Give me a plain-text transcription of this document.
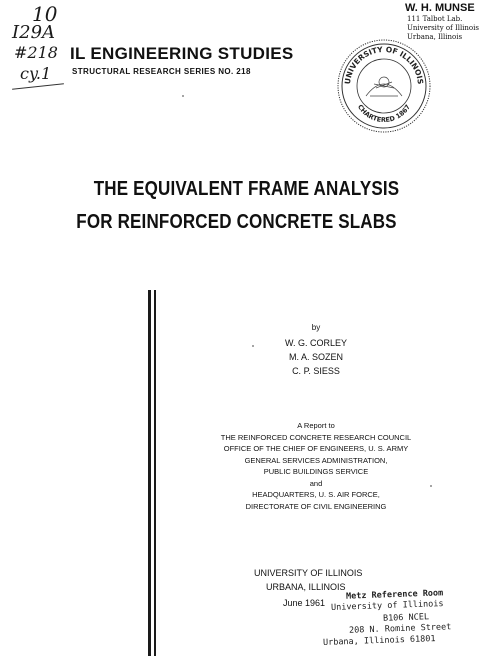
10
I29A
#218
cy.1
IL ENGINEERING STUDIES
STRUCTURAL RESEARCH SERIES NO. 218
W. H. MUNSE
111 Talbot Lab.
University of Illinois
Urbana, Illinois
UNIVERSITY OF ILLINOIS
CHARTERED 1867
THE EQUIVALENT FRAME ANALYSIS
FOR REINFORCED CONCRETE SLABS
by
W. G. CORLEY
M. A. SOZEN
C. P. SIESS
A Report to
THE REINFORCED CONCRETE RESEARCH COUNCIL
OFFICE OF THE CHIEF OF ENGINEERS, U. S. ARMY
GENERAL SERVICES ADMINISTRATION,
PUBLIC BUILDINGS SERVICE
and
HEADQUARTERS, U. S. AIR FORCE,
DIRECTORATE OF CIVIL ENGINEERING
UNIVERSITY OF ILLINOIS
URBANA, ILLINOIS
June 1961
Metz Reference Room
University of Illinois
B106 NCEL
208 N. Romine Street
Urbana, Illinois 61801
